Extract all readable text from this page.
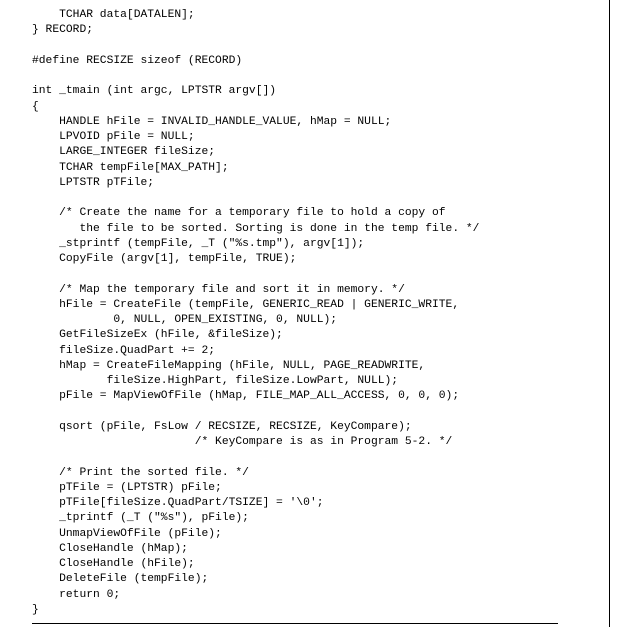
TCHAR data[DATALEN];
} RECORD;
#define RECSIZE sizeof (RECORD)
int _tmain (int argc, LPTSTR argv[])
{
HANDLE hFile = INVALID_HANDLE_VALUE, hMap = NULL;
LPVOID pFile = NULL;
LARGE_INTEGER fileSize;
TCHAR tempFile[MAX_PATH];
LPTSTR pTFile;
/* Create the name for a temporary file to hold a copy of
the file to be sorted. Sorting is done in the temp file. */
_stprintf (tempFile, _T ("%s.tmp"), argv[1]);
CopyFile (argv[1], tempFile, TRUE);
/* Map the temporary file and sort it in memory. */
hFile = CreateFile (tempFile, GENERIC_READ | GENERIC_WRITE,
0, NULL, OPEN_EXISTING, 0, NULL);
GetFileSizeEx (hFile, &fileSize);
fileSize.QuadPart += 2;
hMap = CreateFileMapping (hFile, NULL, PAGE_READWRITE,
fileSize.HighPart, fileSize.LowPart, NULL);
pFile = MapViewOfFile (hMap, FILE_MAP_ALL_ACCESS, 0, 0, 0);
qsort (pFile, FsLow / RECSIZE, RECSIZE, KeyCompare);
/* KeyCompare is as in Program 5-2. */
/* Print the sorted file. */
pTFile = (LPTSTR) pFile;
pTFile[fileSize.QuadPart/TSIZE] = '\0';
_tprintf (_T ("%s"), pFile);
UnmapViewOfFile (pFile);
CloseHandle (hMap);
CloseHandle (hFile);
DeleteFile (tempFile);
return 0;
}
